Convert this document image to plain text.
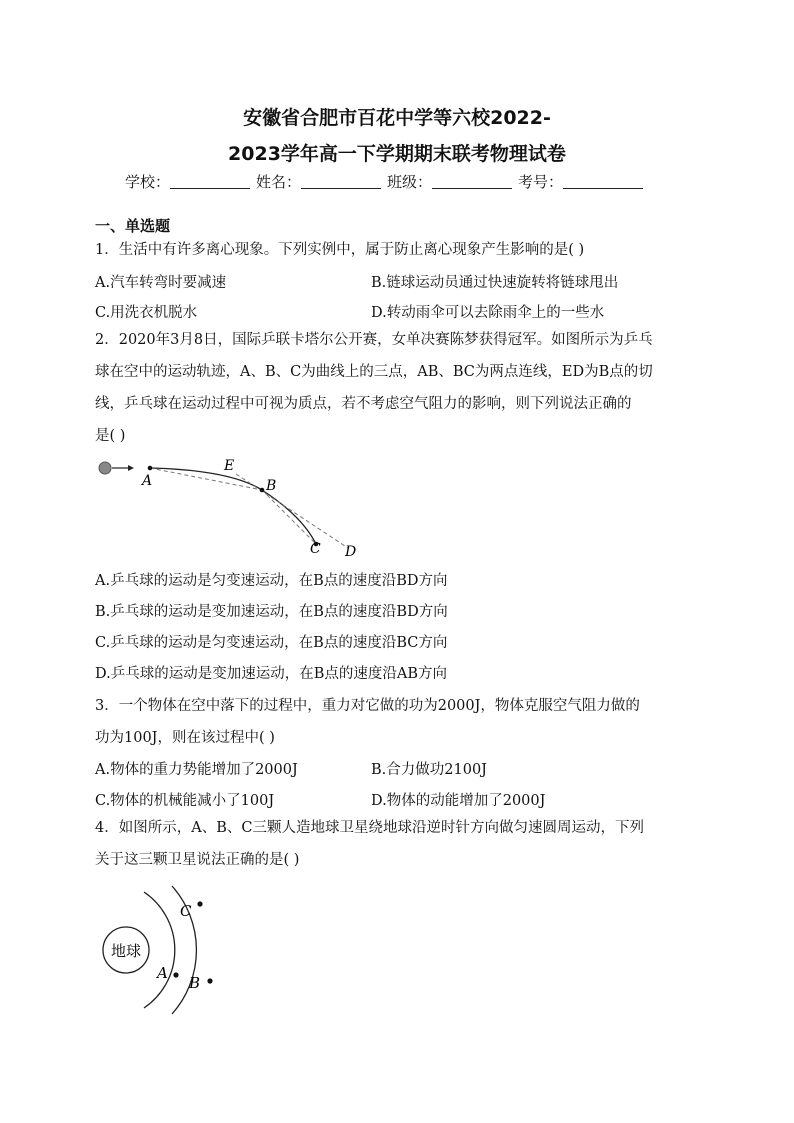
安徽省合肥市百花中学等六校2022-
2023学年高一下学期期末联考物理试卷
学校：	姓名：	班级：	考号：
一、单选题
1．生活中有许多离心现象。下列实例中，属于防止离心现象产生影响的是( )
A.汽车转弯时要减速	B.链球运动员通过快速旋转将链球甩出
C.用洗衣机脱水	D.转动雨伞可以去除雨伞上的一些水
2．2020年3月8日，国际乒联卡塔尔公开赛，女单决赛陈梦获得冠军。如图所示为乒乓
球在空中的运动轨迹，A、B、C为曲线上的三点，AB、BC为两点连线，ED为B点的切
线，乒乓球在运动过程中可视为质点，若不考虑空气阻力的影响，则下列说法正确的
是( )
A	B
C D
E
A.乒乓球的运动是匀变速运动，在B点的速度沿BD方向
B.乒乓球的运动是变加速运动，在B点的速度沿BD方向
C.乒乓球的运动是匀变速运动，在B点的速度沿BC方向
D.乒乓球的运动是变加速运动，在B点的速度沿AB方向
3．一个物体在空中落下的过程中，重力对它做的功为2000J，物体克服空气阻力做的
功为100J，则在该过程中( )
A.物体的重力势能增加了2000J	B.合力做功2100J
C.物体的机械能减小了100J	D.物体的动能增加了2000J
4．如图所示，A、B、C三颗人造地球卫星绕地球沿逆时针方向做匀速圆周运动，下列
关于这三颗卫星说法正确的是( )
地球
A
B
C
